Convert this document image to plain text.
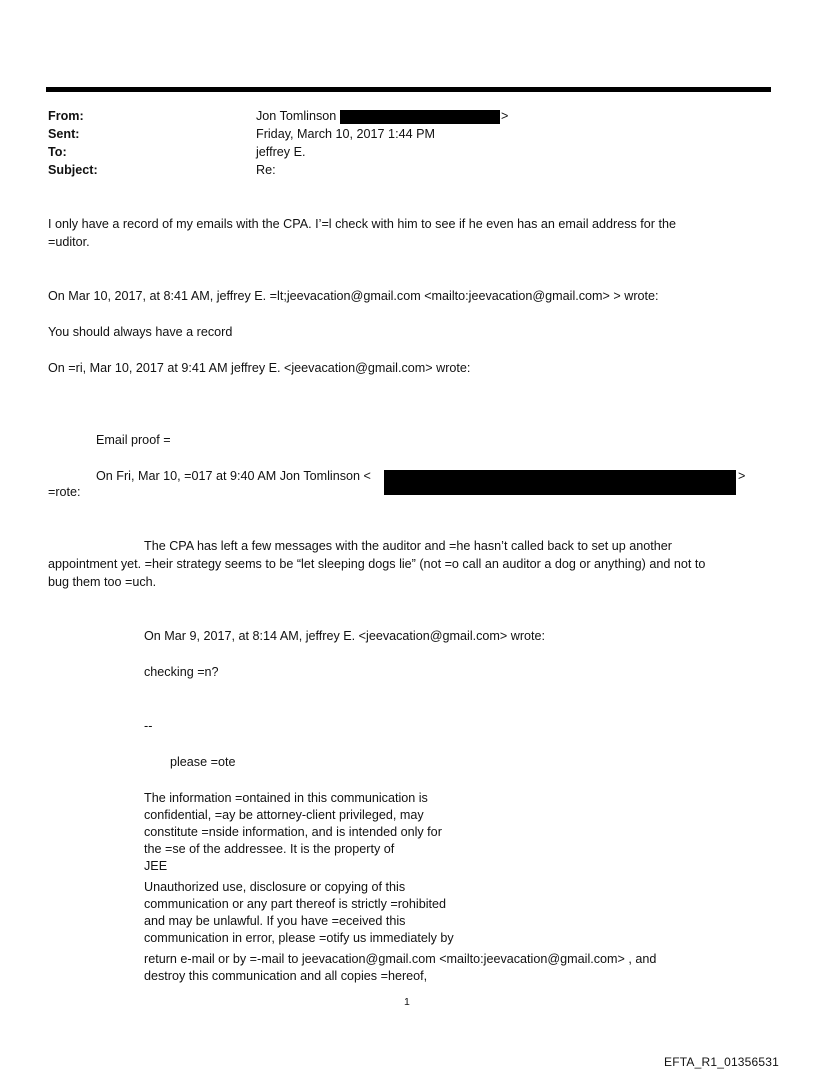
From:
Sent:
To:
Subject:
Jon Tomlinson	>
Friday, March 10, 2017 1:44 PM
jeffrey E.
Re:
I only have a record of my emails with the CPA. I’=l check with him to see if he even has an email address for the
=uditor.
On Mar 10, 2017, at 8:41 AM, jeffrey E. =lt;jeevacation@gmail.com <mailto:jeevacation@gmail.com> > wrote:
You should always have a record
On =ri, Mar 10, 2017 at 9:41 AM jeffrey E. <jeevacation@gmail.com> wrote:
Email proof =
On Fri, Mar 10, =017 at 9:40 AM Jon Tomlinson <	>
=rote:
The CPA has left a few messages with the auditor and =he hasn’t called back to set up another
appointment yet. =heir strategy seems to be “let sleeping dogs lie” (not =o call an auditor a dog or anything) and not to
bug them too =uch.
On Mar 9, 2017, at 8:14 AM, jeffrey E. <jeevacation@gmail.com> wrote:
checking =n?
--
please =ote
The information =ontained in this communication is
confidential, =ay be attorney-client privileged, may
constitute =nside information, and is intended only for
the =se of the addressee. It is the property of
JEE
Unauthorized use, disclosure or copying of this
communication or any part thereof is strictly =rohibited
and may be unlawful. If you have =eceived this
communication in error, please =otify us immediately by
return e-mail or by =-mail to jeevacation@gmail.com <mailto:jeevacation@gmail.com> , and
destroy this communication and all copies =hereof,
1
EFTA_R1_01356531
